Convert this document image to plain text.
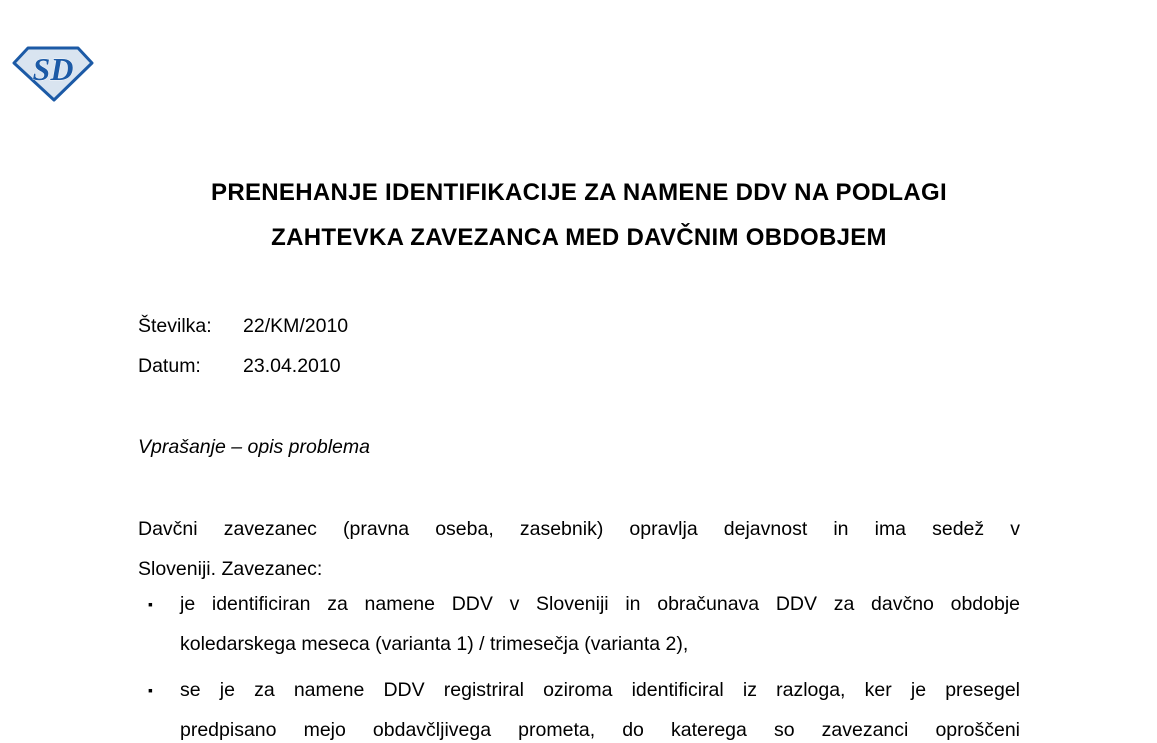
SD
PRENEHANJE IDENTIFIKACIJE ZA NAMENE DDV NA PODLAGI
ZAHTEVKA ZAVEZANCA MED DAVČNIM OBDOBJEM
Številka:	22/KM/2010
Datum:	23.04.2010
Vprašanje – opis problema
Davčni zavezanec (pravna oseba, zasebnik) opravlja dejavnost in ima sedež v
Sloveniji. Zavezanec:
▪ je identificiran za namene DDV v Sloveniji in obračunava DDV za davčno obdobje
koledarskega meseca (varianta 1) / trimesečja (varianta 2),
▪ se je za namene DDV registriral oziroma identificiral iz razloga, ker je presegel
predpisano mejo obdavčljivega prometa, do katerega so zavezanci oproščeni
